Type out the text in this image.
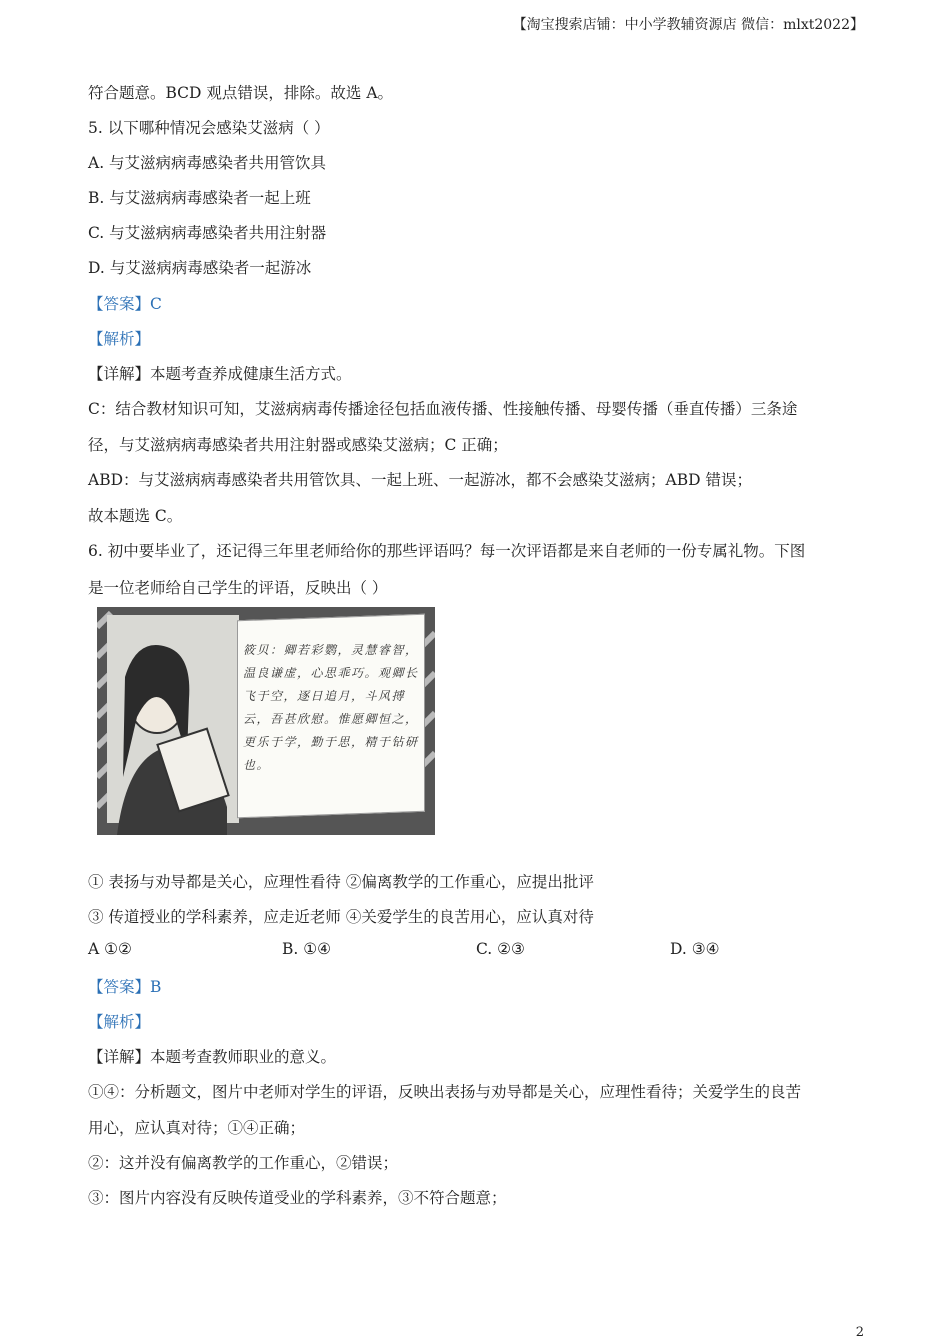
【淘宝搜索店铺：中小学教辅资源店 微信：mlxt2022】
符合题意。BCD 观点错误，排除。故选 A。
5. 以下哪种情况会感染艾滋病（ ）
A. 与艾滋病病毒感染者共用管饮具
B. 与艾滋病病毒感染者一起上班
C. 与艾滋病病毒感染者共用注射器
D. 与艾滋病病毒感染者一起游冰
【答案】C
【解析】
【详解】本题考查养成健康生活方式。
C：结合教材知识可知，艾滋病病毒传播途径包括血液传播、性接触传播、母婴传播（垂直传播）三条途
径，与艾滋病病毒感染者共用注射器或感染艾滋病；C 正确；
ABD：与艾滋病病毒感染者共用管饮具、一起上班、一起游冰，都不会感染艾滋病；ABD 错误；
故本题选 C。
6. 初中要毕业了，还记得三年里老师给你的那些评语吗？每一次评语都是来自老师的一份专属礼物。下图
是一位老师给自己学生的评语，反映出（ ）
筱贝：卿若彩鹦，灵慧睿智，温良谦虚，心思乖巧。观卿长飞于空，逐日追月，斗风搏云，吾甚欣慰。惟愿卿恒之，更乐于学，勤于思，精于钻研也。
① 表扬与劝导都是关心，应理性看待 ②偏离教学的工作重心，应提出批评
③ 传道授业的学科素养，应走近老师 ④关爱学生的良苦用心，应认真对待
A ①②	B. ①④	C. ②③	D. ③④
【答案】B
【解析】
【详解】本题考查教师职业的意义。
①④：分析题文，图片中老师对学生的评语，反映出表扬与劝导都是关心，应理性看待；关爱学生的良苦
用心，应认真对待；①④正确；
②：这并没有偏离教学的工作重心，②错误；
③：图片内容没有反映传道受业的学科素养，③不符合题意；
2
